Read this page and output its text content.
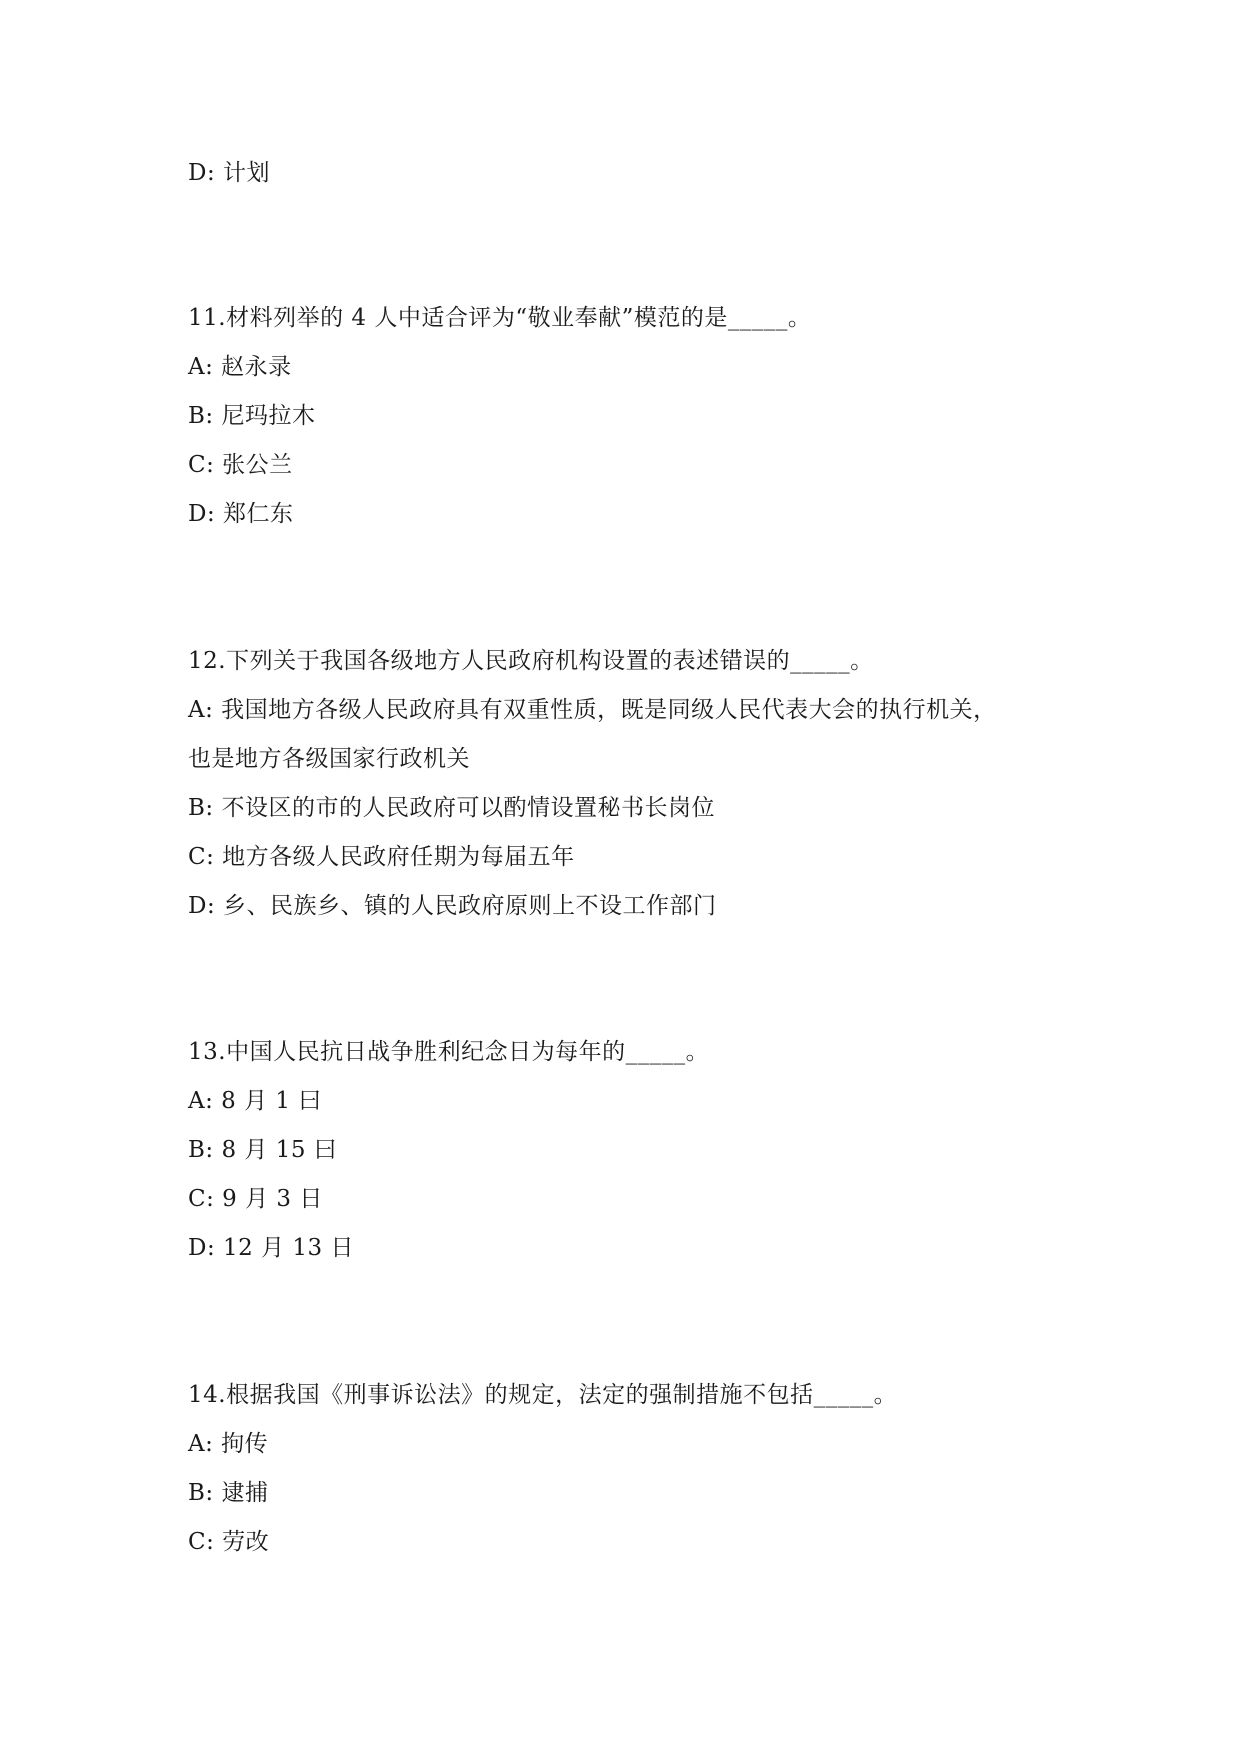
D: 计划
11.材料列举的 4 人中适合评为“敬业奉献”模范的是_____。
A: 赵永录
B: 尼玛拉木
C: 张公兰
D: 郑仁东
12.下列关于我国各级地方人民政府机构设置的表述错误的_____。
A: 我国地方各级人民政府具有双重性质，既是同级人民代表大会的执行机关，
也是地方各级国家行政机关
B: 不设区的市的人民政府可以酌情设置秘书长岗位
C: 地方各级人民政府任期为每届五年
D: 乡、民族乡、镇的人民政府原则上不设工作部门
13.中国人民抗日战争胜利纪念日为每年的_____。
A: 8 月 1 曰
B: 8 月 15 曰
C: 9 月 3 日
D: 12 月 13 日
14.根据我国《刑事诉讼法》的规定，法定的强制措施不包括_____。
A: 拘传
B: 逮捕
C: 劳改
